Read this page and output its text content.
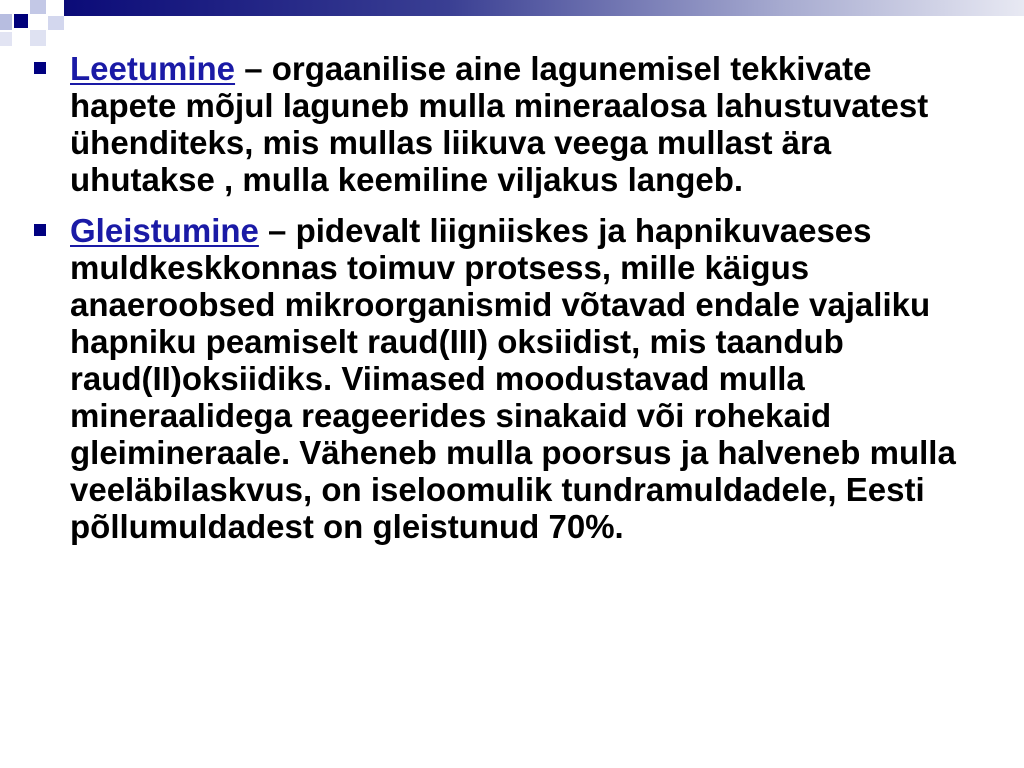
Leetumine – orgaanilise aine lagunemisel tekkivate hapete mõjul laguneb mulla mineraalosa lahustuvatest ühenditeks, mis mullas liikuva veega mullast ära uhutakse , mulla keemiline viljakus langeb.
Gleistumine – pidevalt liigniiskes ja hapnikuvaeses muldkeskkonnas toimuv protsess, mille käigus anaeroobsed mikroorganismid võtavad endale vajaliku hapniku peamiselt raud(III) oksiidist, mis taandub raud(II)oksiidiks. Viimased moodustavad mulla mineraalidega reageerides sinakaid või rohekaid gleimineraale. Väheneb mulla poorsus ja halveneb mulla veeläbilaskvus, on iseloomulik tundramuldadele, Eesti põllumuldadest on gleistunud 70%.
